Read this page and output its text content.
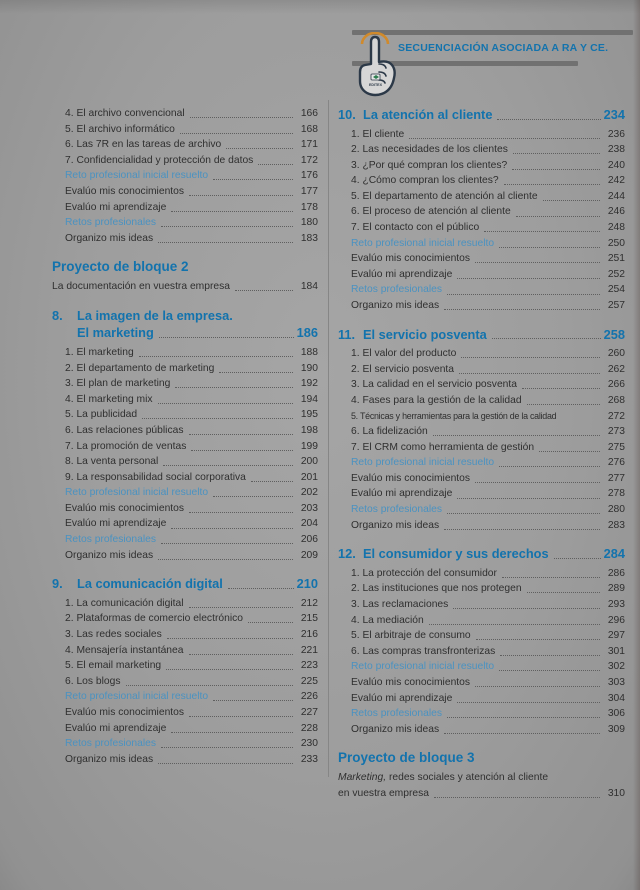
SECUENCIACIÓN ASOCIADA A RA Y CE.
EDITEX
4. El archivo convencional	166
5. El archivo informático	168
6. Las 7R en las tareas de archivo	171
7. Confidencialidad y protección de datos	172
Reto profesional inicial resuelto	176
Evalúo mis conocimientos	177
Evalúo mi aprendizaje	178
Retos profesionales	180
Organizo mis ideas	183
Proyecto de bloque 2
La documentación en vuestra empresa	184
8.	La imagen de la empresa.
El marketing	186
1. El marketing	188
2. El departamento de marketing	190
3. El plan de marketing	192
4. El marketing mix	194
5. La publicidad	195
6. Las relaciones públicas	198
7. La promoción de ventas	199
8. La venta personal	200
9. La responsabilidad social corporativa	201
Reto profesional inicial resuelto	202
Evalúo mis conocimientos	203
Evalúo mi aprendizaje	204
Retos profesionales	206
Organizo mis ideas	209
9.	La comunicación digital	210
1. La comunicación digital	212
2. Plataformas de comercio electrónico	215
3. Las redes sociales	216
4. Mensajería instantánea	221
5. El email marketing	223
6. Los blogs	225
Reto profesional inicial resuelto	226
Evalúo mis conocimientos	227
Evalúo mi aprendizaje	228
Retos profesionales	230
Organizo mis ideas	233
10. La atención al cliente	234
1. El cliente	236
2. Las necesidades de los clientes	238
3. ¿Por qué compran los clientes?	240
4. ¿Cómo compran los clientes?	242
5. El departamento de atención al cliente	244
6. El proceso de atención al cliente	246
7. El contacto con el público	248
Reto profesional inicial resuelto	250
Evalúo mis conocimientos	251
Evalúo mi aprendizaje	252
Retos profesionales	254
Organizo mis ideas	257
11. El servicio posventa	258
1. El valor del producto	260
2. El servicio posventa	262
3. La calidad en el servicio posventa	266
4. Fases para la gestión de la calidad	268
5. Técnicas y herramientas para la gestión de la calidad	272
6. La fidelización	273
7. El CRM como herramienta de gestión	275
Reto profesional inicial resuelto	276
Evalúo mis conocimientos	277
Evalúo mi aprendizaje	278
Retos profesionales	280
Organizo mis ideas	283
12. El consumidor y sus derechos	284
1. La protección del consumidor	286
2. Las instituciones que nos protegen	289
3. Las reclamaciones	293
4. La mediación	296
5. El arbitraje de consumo	297
6. Las compras transfronterizas	301
Reto profesional inicial resuelto	302
Evalúo mis conocimientos	303
Evalúo mi aprendizaje	304
Retos profesionales	306
Organizo mis ideas	309
Proyecto de bloque 3
Marketing, redes sociales y atención al cliente
en vuestra empresa	310
